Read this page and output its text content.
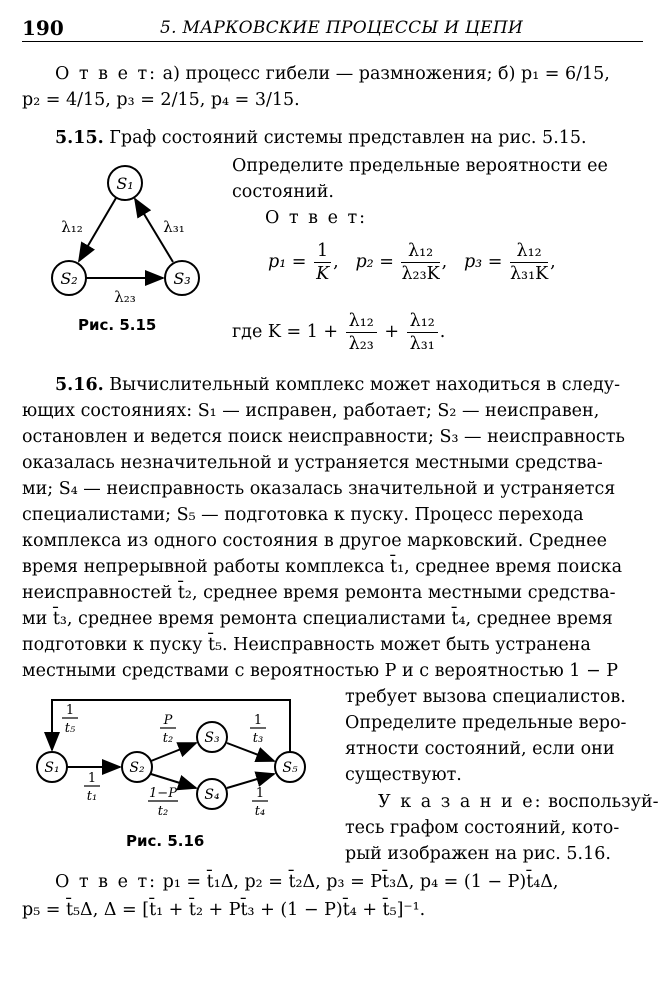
190	5. МАРКОВСКИЕ ПРОЦЕССЫ И ЦЕПИ
О т в е т: а) процесс гибели — размножения; б) p₁ = 6/15,
p₂ = 4/15, p₃ = 2/15, p₄ = 3/15.
5.15. Граф состояний системы представлен на рис. 5.15.
Определите предельные вероятности ее
состояний.
О т в е т:
S₁
S₂	S₃
λ₁₂	λ₃₁
λ₂₃
Рис. 5.15
$p_1 = \frac{1}{K}$ ,   $p_2 = \frac{\text{λ₁₂}}{\text{λ₂₃K}}$ ,   $p_3 = \frac{\text{λ₁₂}}{\text{λ₃₁K}}$ ,
где $K = 1 + \frac{\text{λ₁₂}}{\text{λ₂₃}} + \frac{\text{λ₁₂}}{\text{λ₃₁}}$ .
5.16. Вычислительный комплекс может находиться в следу-
ющих состояниях: S₁ — исправен, работает; S₂ — неисправен,
остановлен и ведется поиск неисправности; S₃ — неисправность
оказалась незначительной и устраняется местными средства-
ми; S₄ — неисправность оказалась значительной и устраняется
специалистами; S₅ — подготовка к пуску. Процесс перехода
комплекса из одного состояния в другое марковский. Среднее
время непрерывной работы комплекса t̄₁, среднее время поиска
неисправностей t̄₂, среднее время ремонта местными средства-
ми t̄₃, среднее время ремонта специалистами t̄₄, среднее время
подготовки к пуску t̄₅. Неисправность может быть устранена
местными средствами с вероятностью P и с вероятностью 1 − P
требует вызова специалистов.
Определите предельные веро-
ятности состояний, если они
существуют.
У к а з а н и е: воспользуй-
тесь графом состояний, кото-
рый изображен на рис. 5.16.
S₁	S₂
S₃
S₄
S₅
1
t₅
1
t₁
P
t₂
1−P
t₂
1
t₃
1
t₄
Рис. 5.16
О т в е т: p₁ = t̄₁Δ, p₂ = t̄₂Δ, p₃ = Pt̄₃Δ, p₄ = (1 − P)t̄₄Δ,
p₅ = t̄₅Δ, Δ = [t̄₁ + t̄₂ + Pt̄₃ + (1 − P)t̄₄ + t̄₅]⁻¹.
